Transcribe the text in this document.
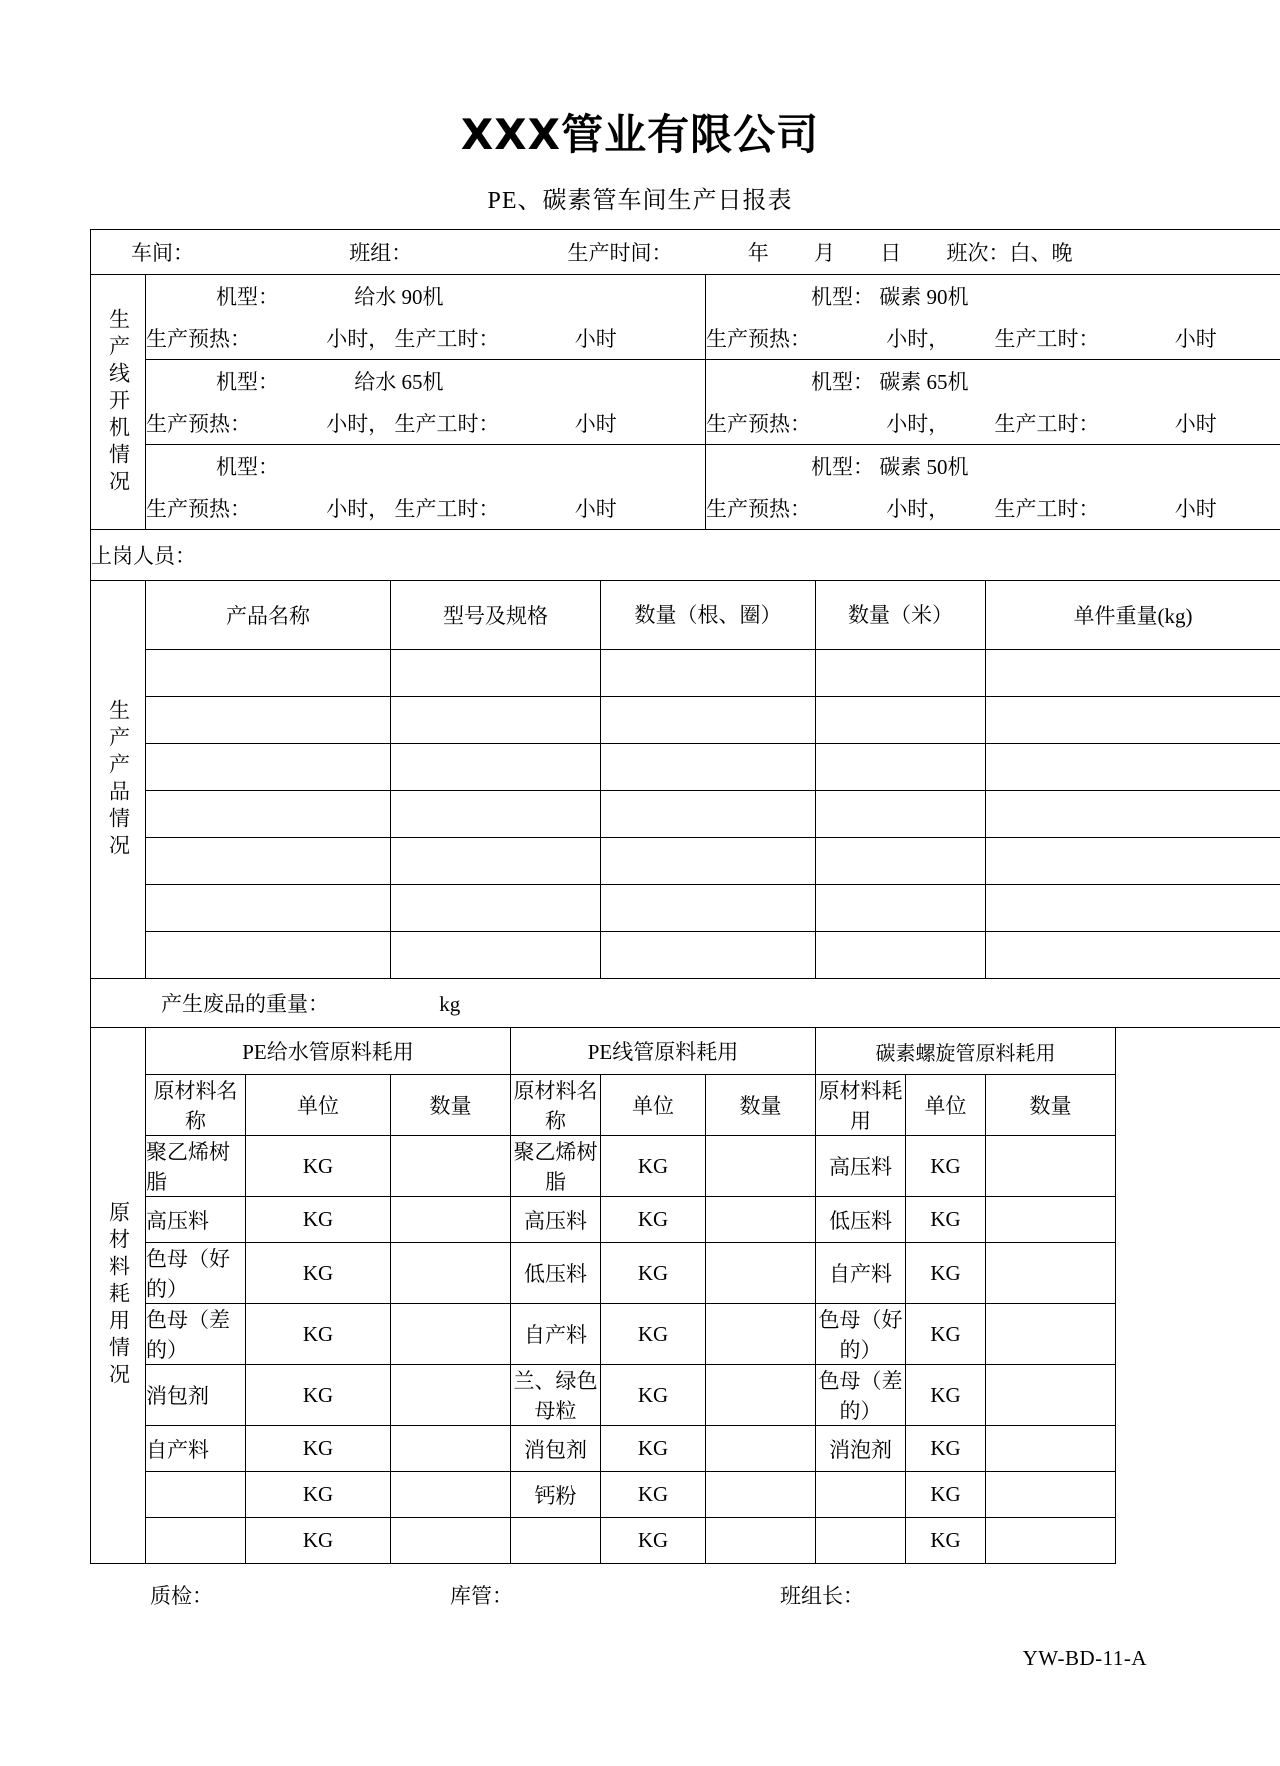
XXX管业有限公司
PE、碳素管车间生产日报表
车间： 班组： 生产时间： 年 月 日 班次：白、晚										

生产线开机情况	机型： 给水 90机					机型： 碳素 90机				
	生产预热： 小时， 生产工时： 小时					生产预热： 小时， 生产工时： 小时				
	机型： 给水 65机					机型： 碳素 65机				
	生产预热： 小时， 生产工时： 小时					生产预热： 小时， 生产工时： 小时				
	机型：					机型： 碳素 50机				
	生产预热： 小时， 生产工时： 小时					生产预热： 小时， 生产工时： 小时				
上岗人员：										

生产产品情况	产品名称		型号及规格		数量（根、圈）		数量（米）		单件重量(kg)	

产生废品的重量： kg										

原材料耗用情况	PE给水管原料耗用			PE线管原料耗用			碳素螺旋管原料耗用			
	原材料名称	单位	数量	原材料名称	单位	数量	原材料耗用	单位	数量	
	聚乙烯树脂	KG		聚乙烯树脂	KG		高压料	KG		
	高压料	KG		高压料	KG		低压料	KG		
	色母（好的）	KG		低压料	KG		自产料	KG		
	色母（差的）	KG		自产料	KG		色母（好的）	KG		
	消包剂	KG		兰、绿色母粒	KG		色母（差的）	KG		
	自产料	KG		消包剂	KG		消泡剂	KG		
		KG		钙粉	KG			KG		
		KG			KG			KG		
质检：	库管：	班组长：
YW-BD-11-A
